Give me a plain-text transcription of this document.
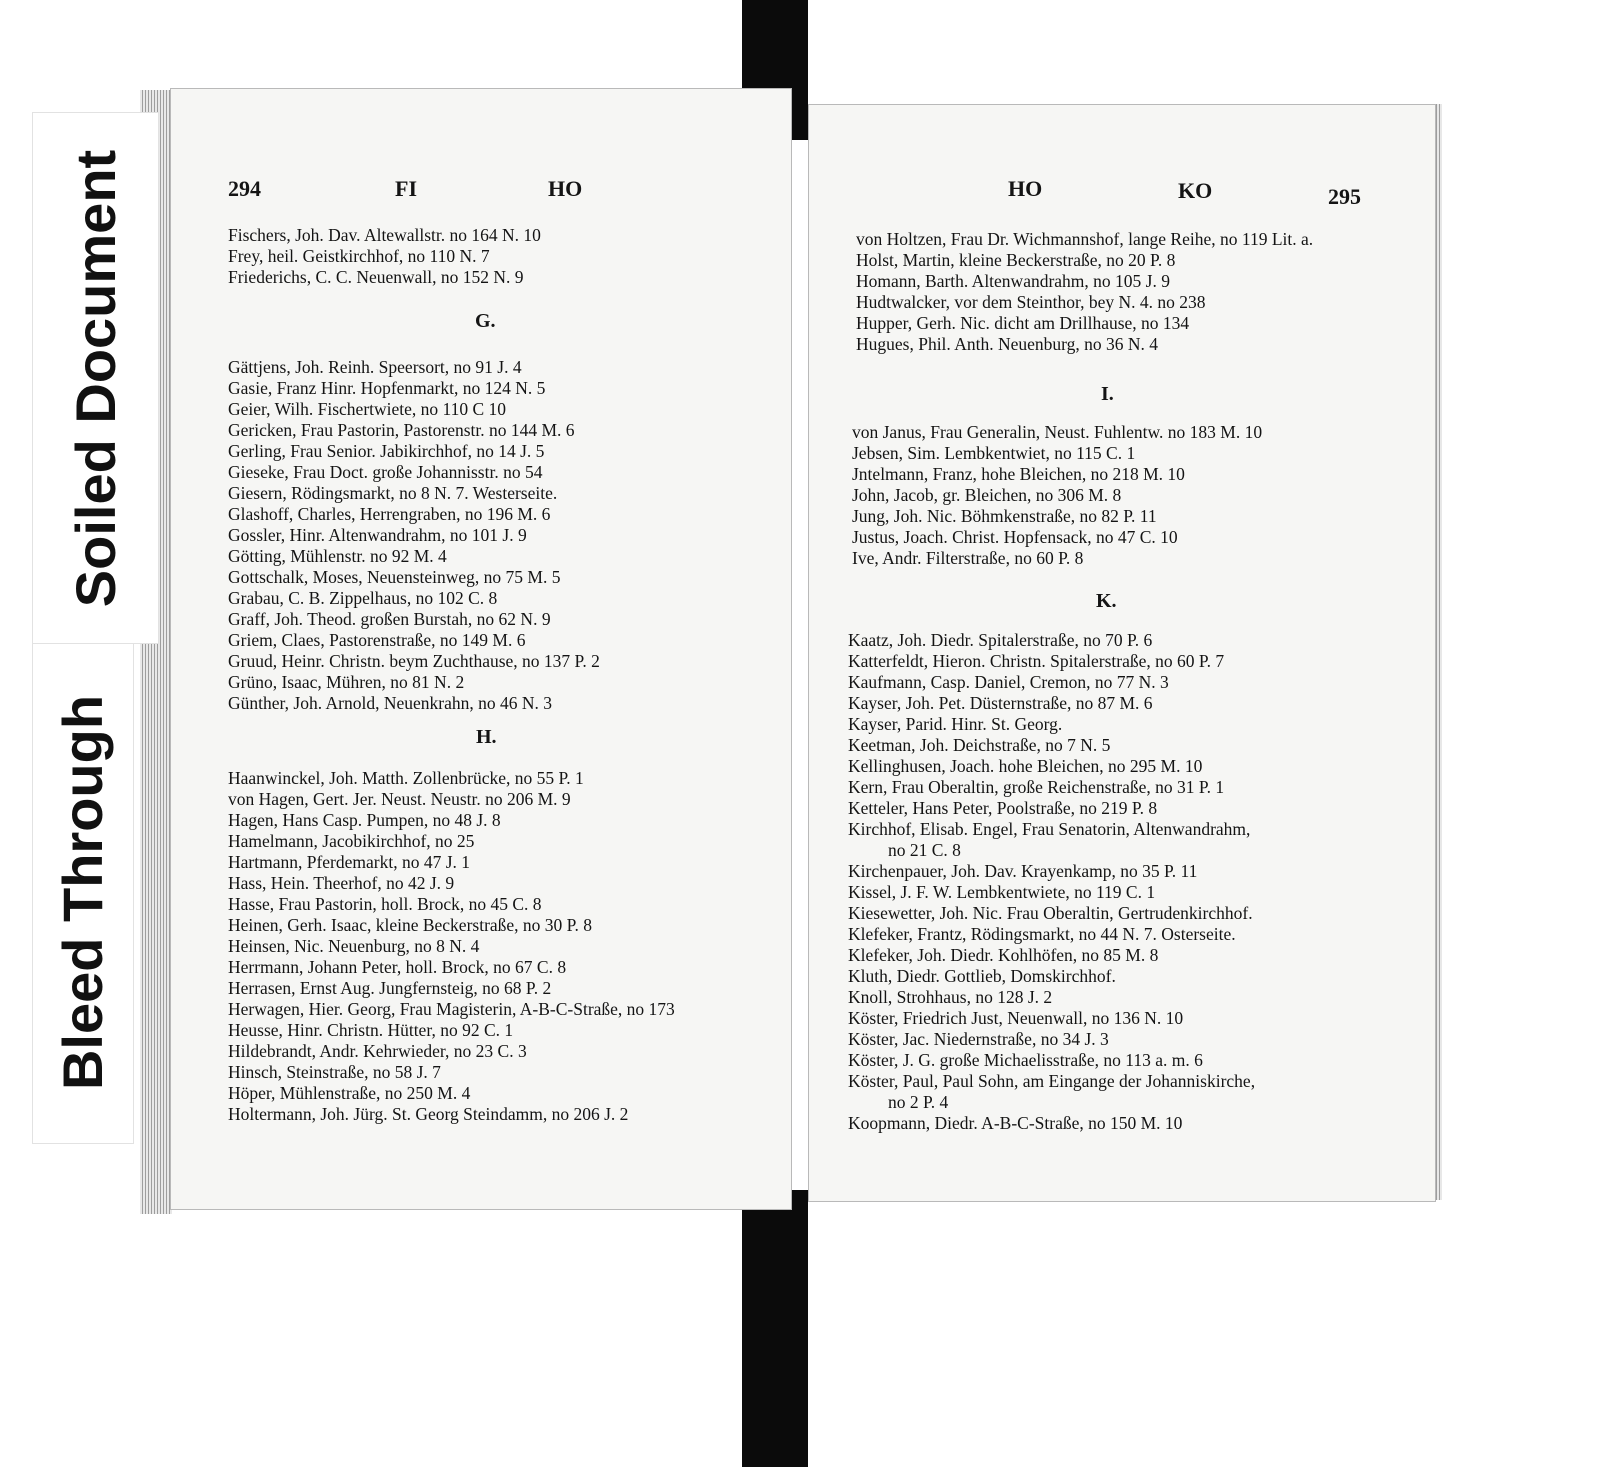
Bleed Through
Soiled Document	294	FI	HO
Fischers, Joh. Dav. Altewallstr. no 164 N. 10
Frey, heil. Geistkirchhof, no 110 N. 7
Friederichs, C. C. Neuenwall, no 152 N. 9
G.
Gättjens, Joh. Reinh. Speersort, no 91 J. 4
Gasie, Franz Hinr. Hopfenmarkt, no 124 N. 5
Geier, Wilh. Fischertwiete, no 110 C 10
Gericken, Frau Pastorin, Pastorenstr. no 144 M. 6
Gerling, Frau Senior. Jabikirchhof, no 14 J. 5
Gieseke, Frau Doct. große Johannisstr. no 54
Giesern, Rödingsmarkt, no 8 N. 7. Westerseite.
Glashoff, Charles, Herrengraben, no 196 M. 6
Gossler, Hinr. Altenwandrahm, no 101 J. 9
Götting, Mühlenstr. no 92 M. 4
Gottschalk, Moses, Neuensteinweg, no 75 M. 5
Grabau, C. B. Zippelhaus, no 102 C. 8
Graff, Joh. Theod. großen Burstah, no 62 N. 9
Griem, Claes, Pastorenstraße, no 149 M. 6
Gruud, Heinr. Christn. beym Zuchthause, no 137 P. 2
Grüno, Isaac, Mühren, no 81 N. 2
Günther, Joh. Arnold, Neuenkrahn, no 46 N. 3
H.
Haanwinckel, Joh. Matth. Zollenbrücke, no 55 P. 1
von Hagen, Gert. Jer. Neust. Neustr. no 206 M. 9
Hagen, Hans Casp. Pumpen, no 48 J. 8
Hamelmann, Jacobikirchhof, no 25
Hartmann, Pferdemarkt, no 47 J. 1
Hass, Hein. Theerhof, no 42 J. 9
Hasse, Frau Pastorin, holl. Brock, no 45 C. 8
Heinen, Gerh. Isaac, kleine Beckerstraße, no 30 P. 8
Heinsen, Nic. Neuenburg, no 8 N. 4
Herrmann, Johann Peter, holl. Brock, no 67 C. 8
Herrasen, Ernst Aug. Jungfernsteig, no 68 P. 2
Herwagen, Hier. Georg, Frau Magisterin, A-B-C-Straße, no 173
Heusse, Hinr. Christn. Hütter, no 92 C. 1
Hildebrandt, Andr. Kehrwieder, no 23 C. 3
Hinsch, Steinstraße, no 58 J. 7
Höper, Mühlenstraße, no 250 M. 4
Holtermann, Joh. Jürg. St. Georg Steindamm, no 206 J. 2
HO	KO	295
von Holtzen, Frau Dr. Wichmannshof, lange Reihe, no 119 Lit. a.
Holst, Martin, kleine Beckerstraße, no 20 P. 8
Homann, Barth. Altenwandrahm, no 105 J. 9
Hudtwalcker, vor dem Steinthor, bey N. 4. no 238
Hupper, Gerh. Nic. dicht am Drillhause, no 134
Hugues, Phil. Anth. Neuenburg, no 36 N. 4
I.
von Janus, Frau Generalin, Neust. Fuhlentw. no 183 M. 10
Jebsen, Sim. Lembkentwiet, no 115 C. 1
Jntelmann, Franz, hohe Bleichen, no 218 M. 10
John, Jacob, gr. Bleichen, no 306 M. 8
Jung, Joh. Nic. Böhmkenstraße, no 82 P. 11
Justus, Joach. Christ. Hopfensack, no 47 C. 10
Ive, Andr. Filterstraße, no 60 P. 8
K.
Kaatz, Joh. Diedr. Spitalerstraße, no 70 P. 6
Katterfeldt, Hieron. Christn. Spitalerstraße, no 60 P. 7
Kaufmann, Casp. Daniel, Cremon, no 77 N. 3
Kayser, Joh. Pet. Düsternstraße, no 87 M. 6
Kayser, Parid. Hinr. St. Georg.
Keetman, Joh. Deichstraße, no 7 N. 5
Kellinghusen, Joach. hohe Bleichen, no 295 M. 10
Kern, Frau Oberaltin, große Reichenstraße, no 31 P. 1
Ketteler, Hans Peter, Poolstraße, no 219 P. 8
Kirchhof, Elisab. Engel, Frau Senatorin, Altenwandrahm,
no 21 C. 8
Kirchenpauer, Joh. Dav. Krayenkamp, no 35 P. 11
Kissel, J. F. W. Lembkentwiete, no 119 C. 1
Kiesewetter, Joh. Nic. Frau Oberaltin, Gertrudenkirchhof.
Klefeker, Frantz, Rödingsmarkt, no 44 N. 7. Osterseite.
Klefeker, Joh. Diedr. Kohlhöfen, no 85 M. 8
Kluth, Diedr. Gottlieb, Domskirchhof.
Knoll, Strohhaus, no 128 J. 2
Köster, Friedrich Just, Neuenwall, no 136 N. 10
Köster, Jac. Niedernstraße, no 34 J. 3
Köster, J. G. große Michaelisstraße, no 113 a. m. 6
Köster, Paul, Paul Sohn, am Eingange der Johanniskirche,
no 2 P. 4
Koopmann, Diedr. A-B-C-Straße, no 150 M. 10
